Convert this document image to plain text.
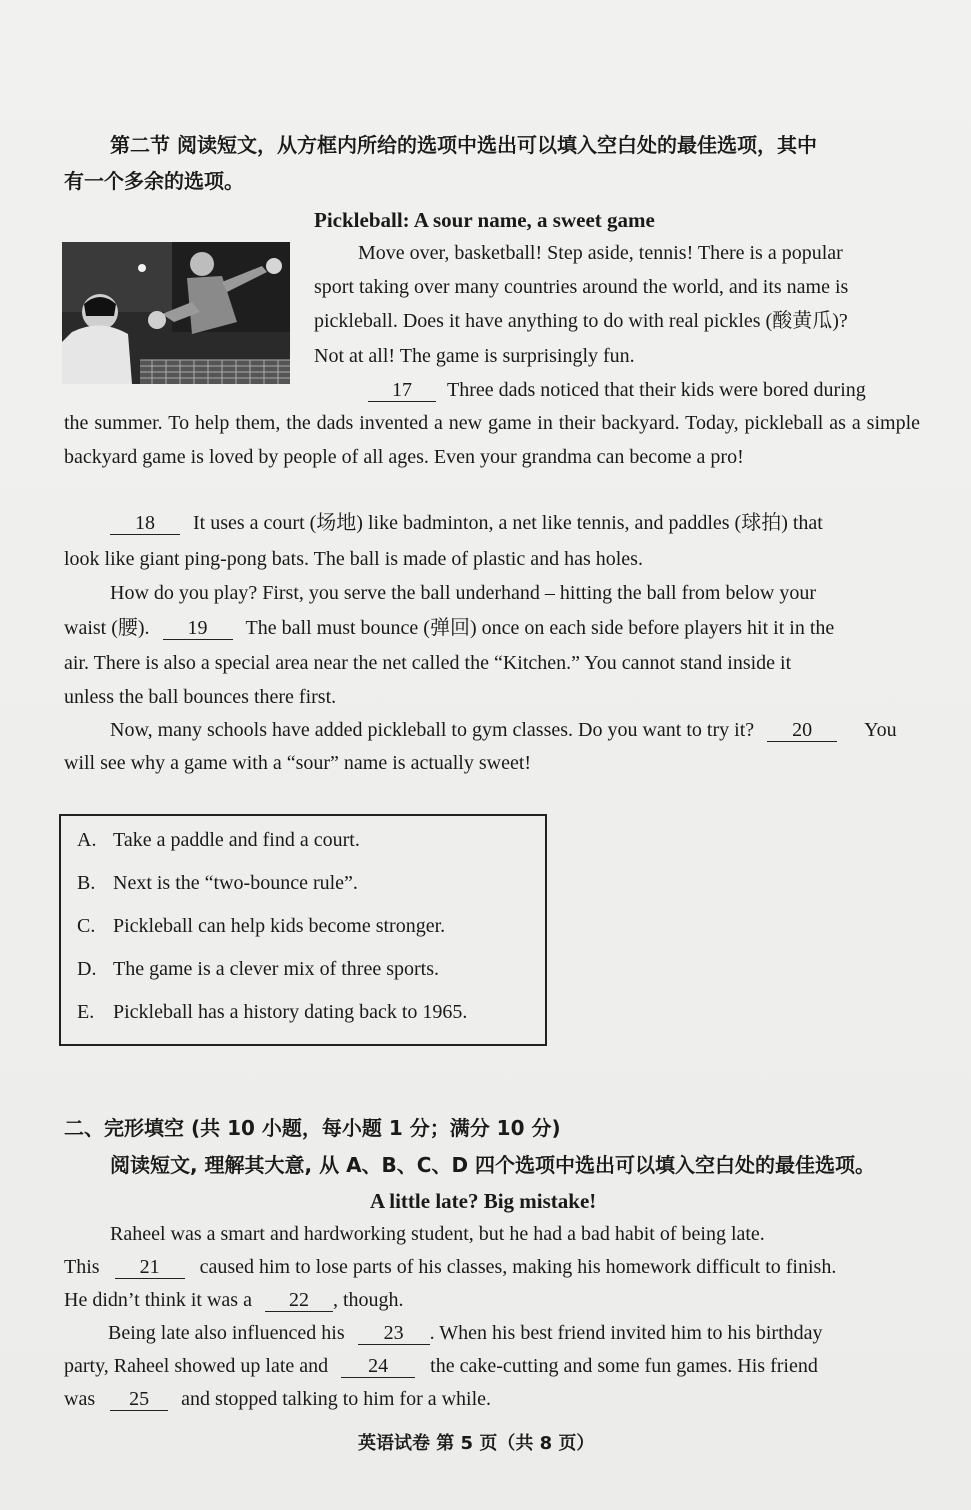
第二节 阅读短文，从方框内所给的选项中选出可以填入空白处的最佳选项，其中

有一个多余的选项。

Pickleball: A sour name, a sweet game

Move over, basketball! Step aside, tennis! There is a popular

sport taking over many countries around the world, and its name is

pickleball. Does it have anything to do with real pickles (酸黄瓜)?

Not at all! The game is surprisingly fun.

17 Three dads noticed that their kids were bored during

the summer. To help them, the dads invented a new game in their backyard. Today, pickleball as a simple backyard game is loved by people of all ages. Even your grandma can become a pro!

18 It uses a court (场地) like badminton, a net like tennis, and paddles (球拍) that

look like giant ping-pong bats. The ball is made of plastic and has holes.

How do you play? First, you serve the ball underhand – hitting the ball from below your

waist (腰). 19 The ball must bounce (弹回) once on each side before players hit it in the

air. There is also a special area near the net called the “Kitchen.” You cannot stand inside it

unless the ball bounces there first.

Now, many schools have added pickleball to gym classes. Do you want to try it? 20	You

will see why a game with a “sour” name is actually sweet!

A. Take a paddle and find a court.
B. Next is the “two-bounce rule”.
C. Pickleball can help kids become stronger.
D. The game is a clever mix of three sports.
E. Pickleball has a history dating back to 1965.

二、完形填空 (共 10 小题，每小题 1 分；满分 10 分)

阅读短文, 理解其大意, 从 A、B、C、D 四个选项中选出可以填入空白处的最佳选项。

A little late? Big mistake!

Raheel was a smart and hardworking student, but he had a bad habit of being late.

This 21 caused him to lose parts of his classes, making his homework difficult to finish.

He didn’t think it was a 22 , though.

Being late also influenced his 23 . When his best friend invited him to his birthday

party, Raheel showed up late and 24 the cake-cutting and some fun games. His friend

was 25 and stopped talking to him for a while.

英语试卷 第 5 页（共 8 页）
